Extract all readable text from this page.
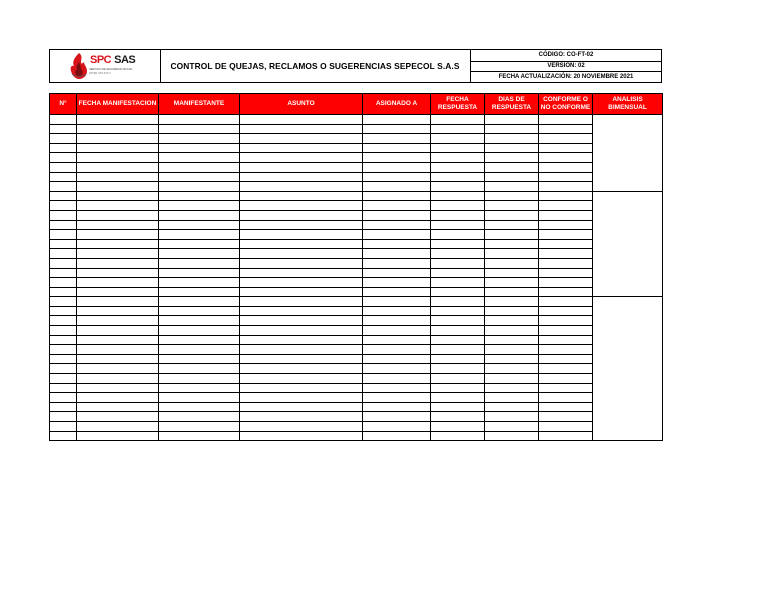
SPC SAS
SERVICIO DE SEGURIDAD OFICIAL
NIT 901.XXX.XXX-X
CONTROL DE QUEJAS, RECLAMOS O SUGERENCIAS SEPECOL S.A.S
CÓDIGO: CO-FT-02
VERSIÓN: 02
FECHA ACTUALIZACIÓN: 20 NOVIEMBRE 2021
N°	FECHA MANIFESTACION	MANIFESTANTE	ASUNTO	ASIGNADO A	FECHA RESPUESTA	DIAS DE RESPUESTA	CONFORME O NO CONFORME	ANALISIS BIMENSUAL
